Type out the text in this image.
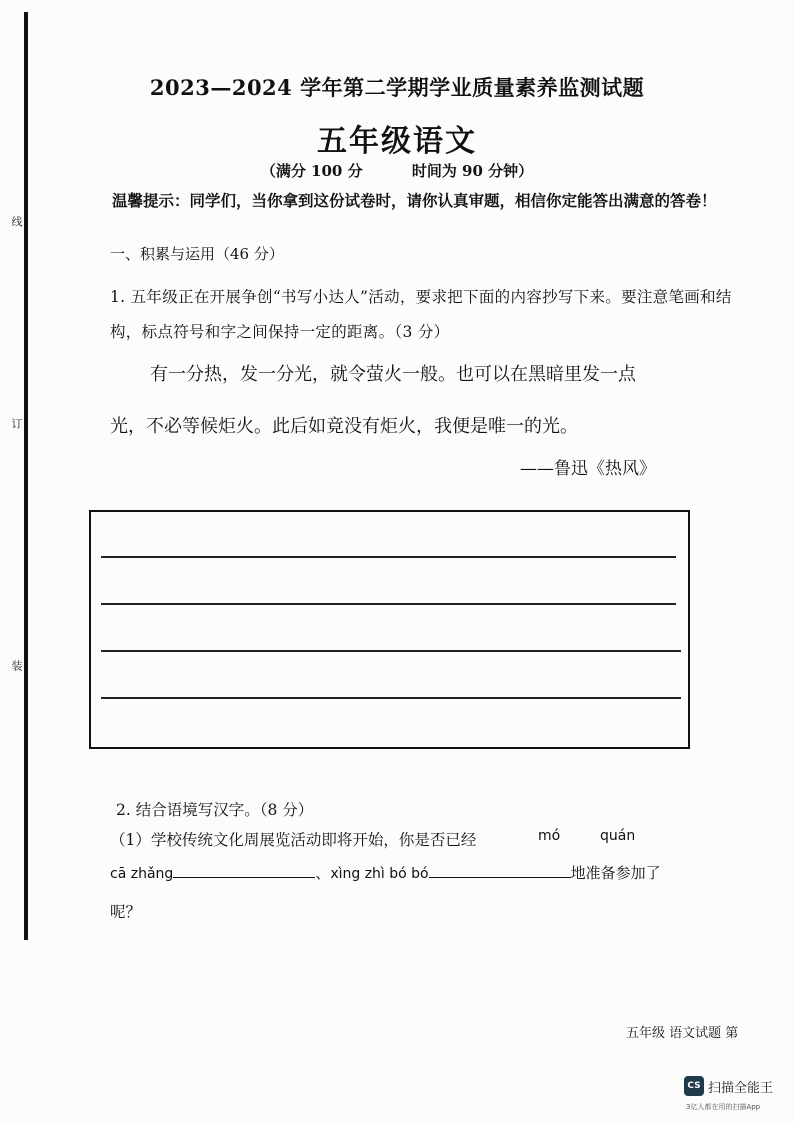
线
订
装
2023—2024 学年第二学期学业质量素养监测试题
五年级语文
（满分 100 分	时间为 90 分钟）
温馨提示：同学们，当你拿到这份试卷时，请你认真审题，相信你定能答出满意的答卷！
一、积累与运用（46 分）
1. 五年级正在开展争创“书写小达人”活动，要求把下面的内容抄写下来。要注意笔画和结构，标点符号和字之间保持一定的距离。（3 分）

有一分热，发一分光，就令萤火一般。也可以在黑暗里发一点

光，不必等候炬火。此后如竟没有炬火，我便是唯一的光。

——鲁迅《热风》
2. 结合语境写汉字。（8 分）
（1）学校传统文化周展览活动即将开始，你是否已经	mó	quán
cā zhǎng	、xìng zhì bó bó	地准备参加了
呢？
五年级 语文试题 第
CS 扫描全能王
3亿人都在用的扫描App
